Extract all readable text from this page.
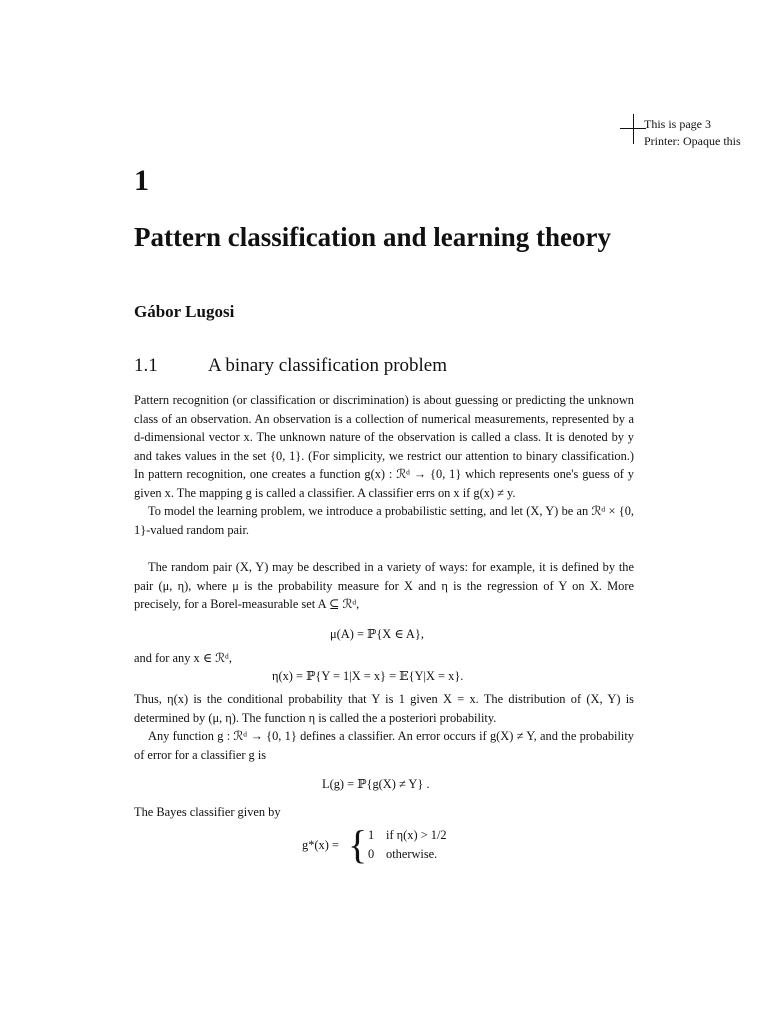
This is page 3
Printer: Opaque this
1
Pattern classification and learning theory
Gábor Lugosi
1.1	A binary classification problem

Pattern recognition (or classification or discrimination) is about guessing or predicting the unknown class of an observation. An observation is a collection of numerical measurements, represented by a d-dimensional vector x. The unknown nature of the observation is called a class. It is denoted by y and takes values in the set {0, 1}. (For simplicity, we restrict our attention to binary classification.) In pattern recognition, one creates a function g(x) : ℛᵈ → {0, 1} which represents one's guess of y given x. The mapping g is called a classifier. A classifier errs on x if g(x) ≠ y.

To model the learning problem, we introduce a probabilistic setting, and let (X, Y) be an ℛᵈ × {0, 1}-valued random pair.

The random pair (X, Y) may be described in a variety of ways: for example, it is defined by the pair (μ, η), where μ is the probability measure for X and η is the regression of Y on X. More precisely, for a Borel-measurable set A ⊆ ℛᵈ,

μ(A) = ℙ{X ∈ A},

and for any x ∈ ℛᵈ,

η(x) = ℙ{Y = 1|X = x} = 𝔼{Y|X = x}.

Thus, η(x) is the conditional probability that Y is 1 given X = x. The distribution of (X, Y) is determined by (μ, η). The function η is called the a posteriori probability.

Any function g : ℛᵈ → {0, 1} defines a classifier. An error occurs if g(X) ≠ Y, and the probability of error for a classifier g is

L(g) = ℙ{g(X) ≠ Y} .

The Bayes classifier given by

g*(x) = { 1 if η(x) > 1/2
0 otherwise.
